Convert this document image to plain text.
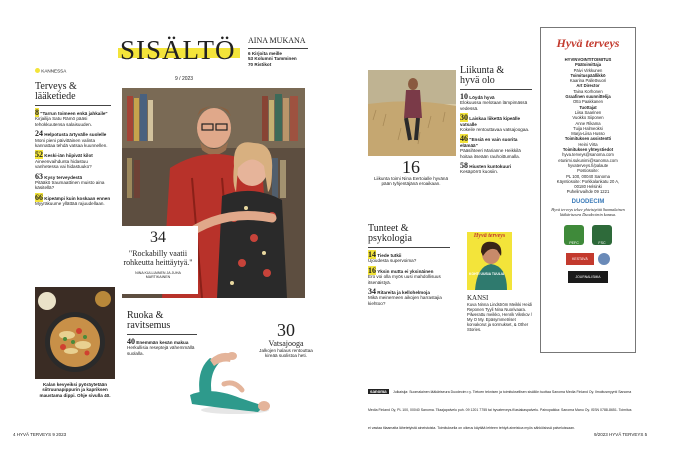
SISÄLTÖ
9 / 2023
AINA MUKANA
6 Kirjoita meille
53 Kolumni Tamminen
70 Ristikot
KANNESSA
Terveys &
lääketiede
8 "Tarrun toimeen enkä jahkaile"
Kirjailija Satu Rämö pääsi tehokkuutensa salaisuuden.
24 Helpotusta ärtyvälle suolelle
Moni pieni päivittäinen valinta kannattaa tehdä vatsaa kuunnellen.
52 Keski-iän hiipivät kilot
Aineenvaihdunta hidastuu vanhetessa vai hidastuuko?
63 Kysy terveydestä
Pitääkö traumaattinen muisto aina käsitellä?
66 Kipeämpi kuin koskaan ennen
Myyräkuume yllättää rajuudellaan.
34
"Rockabilly vaatii rohkeutta heittäytyä."
NINA KULLIAINEN JA JUHA MARTIKAINEN
Kalan kevyeiksi pyöräytetään siitruunapippurin ja kapriksen maustama dippi. Ohje sivulla 40.
Ruoka &
ravitsemus
40 Enemmän kesän makua
Herkullisia reseptejä vähemmällä suolalla.
30
Vatsajooga
Jalkojen halaus rentouttaa kireää suolistoa heti.
4 HYVÄ TERVEYS 9 2023
Liikunta &
hyvä olo
10 Löydä hyvä
Elokuussa melotaan lämpimässä vedessä.
30 Laiskaa liikettä kipeälle vatsalle
Kokeile rentouttavaa vatsajoogaa.
46 "Ensiä en vain suorita elämää"
Pääsihteeri Marianne Heikkilä hoitaa itseään rauhoittumalla.
58 Hiusten kuntokuuri
Kesäpörrö kuosiin.
16
Liikunta toimi Nina Eertoialle hyvänä pään tyhjentäjänä eroaikaan.
Tunteet &
psykologia
14 Tiede tutkii
Ujoudesta supervoima?
16 Yksin mutta ei yksinäinen
Ero voi olla myös uusi mahdollisuus itsenäistyä.
34 Ritareita ja kellohelmoja
Mikä meinerneen aikojen harrastajia kiehtoo?
Hyvä terveys
KOHTI UUSIA TUULIA
KANSI
Kuva Ninna Lindström Meikki Heidi Reponen Tyyli Nina Nuorivaara. Pilwerattu meikko, Henrik Vikskov / My O My. Epäsymmetriset korvakorut ja sormukset, & Other Stories.
Hyvä terveys
HYVINVOINTITOIMITUS
Päätoimittaja
Päivi Virkkunen
Toimituspäällikkö
Kaarina Pallettvuori
Art Director
Taina Korhonen
Graafinen suunnittelija
Otto Paakkanen
Tuottajat
Liisa Saarinen
Vuokko Siiponen
Anne Rikama
Tuija Halmeoksi
Marja-Liisa Husso
Toimituksen assistentti
Heini Virta
Toimituksen yhteystiedot
hyva.terveys@sanoma.com
etunimi.sukunimi@sanoma.com
hyvaterveys.fi/palaute
Postiosoite:
PL 100, 00040 Sanoma
Käyntiosoite: Porkkalankatu 20 A,
00180 Helsinki
Puhelinvaihde 09 1221
DUODECIM
Hyvä terveys tekee yhteistyötä Suomalainen lääkäriseura Duodecimin kanssa.
PEFC	FSC
KESTÄVÄ
JOURNALISMIA
sanoma Julkaisija: Suomalainen lääkäriseura Duodecim r.y. Tietoen teknisen ja toimituksellisen sisällön tuottaa Sanoma Media Finland Oy. Ilmoitusmyynti Sanoma Media Finland Oy, PL 100, 00040 Sanoma. Tilaajapalvelu puh. 09 1201 7755 tai hyvaterveys.fi/asiakaspalvelu. Painopaikka: Sanoma Manu Oy. ISSN 0788-8651. Toimitus ei vastaa tilaamatta lähetetyistä aineistoista. Toimituksella on oikeus käyttää lehteen tehtyä aineistoa myös sähköisissä palveluissaan.
9/2023 HYVÄ TERVEYS 5
